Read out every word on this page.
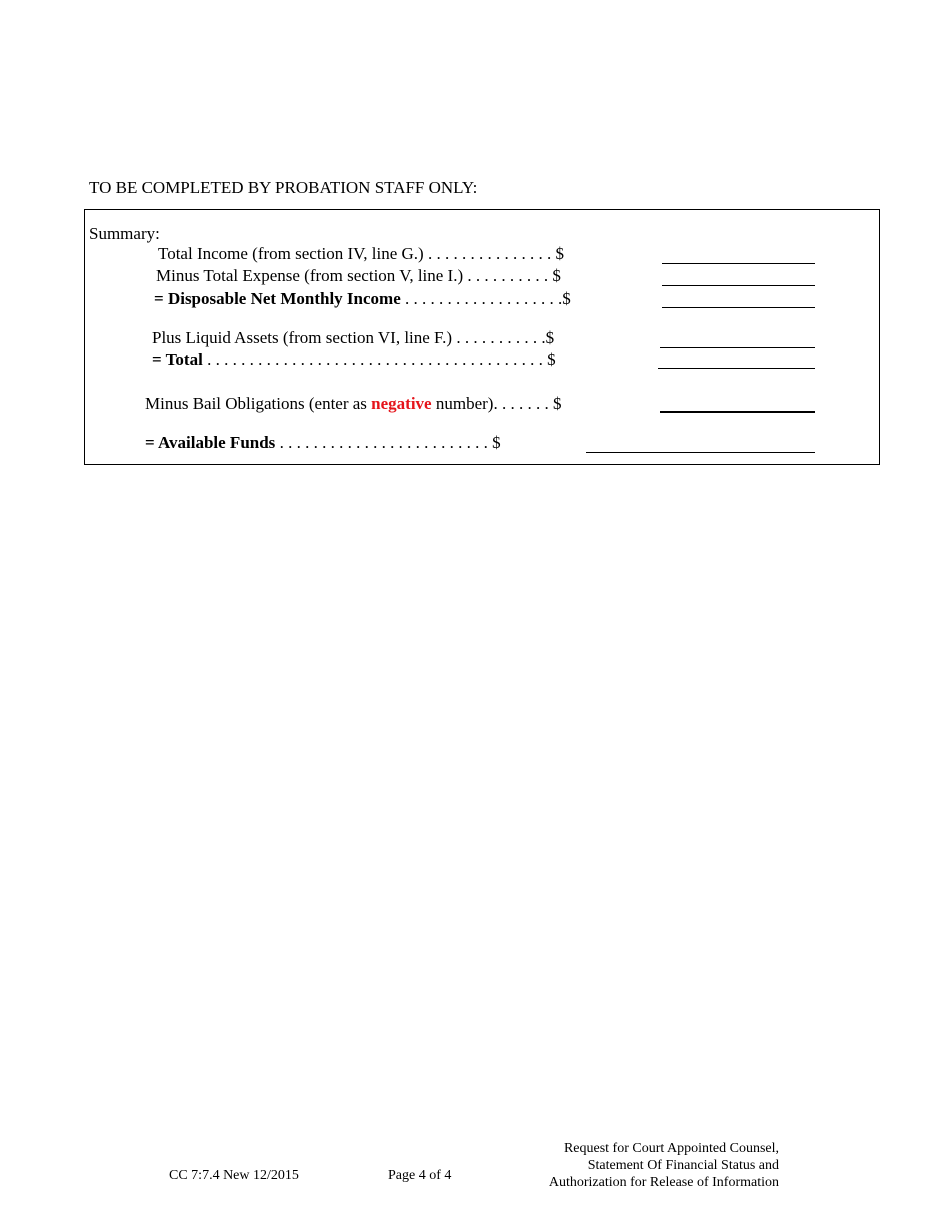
TO BE COMPLETED BY PROBATION STAFF ONLY:
Summary:
Total Income (from section IV, line G.) . . . . . . . . . . . . . . . $
Minus Total Expense (from section V, line I.) . . . . . . . . . . $
= Disposable Net Monthly Income . . . . . . . . . . . . . . . . . . .$
Plus Liquid Assets (from section VI, line F.) . . . . . . . . . . .$
= Total . . . . . . . . . . . . . . . . . . . . . . . . . . . . . . . . . . . . . . . . $
Minus Bail Obligations (enter as negative number). . . . . . . $
= Available Funds . . . . . . . . . . . . . . . . . . . . . . . . . $
CC 7:7.4 New 12/2015	Page 4 of 4
Request for Court Appointed Counsel,
Statement Of Financial Status and
Authorization for Release of Information
